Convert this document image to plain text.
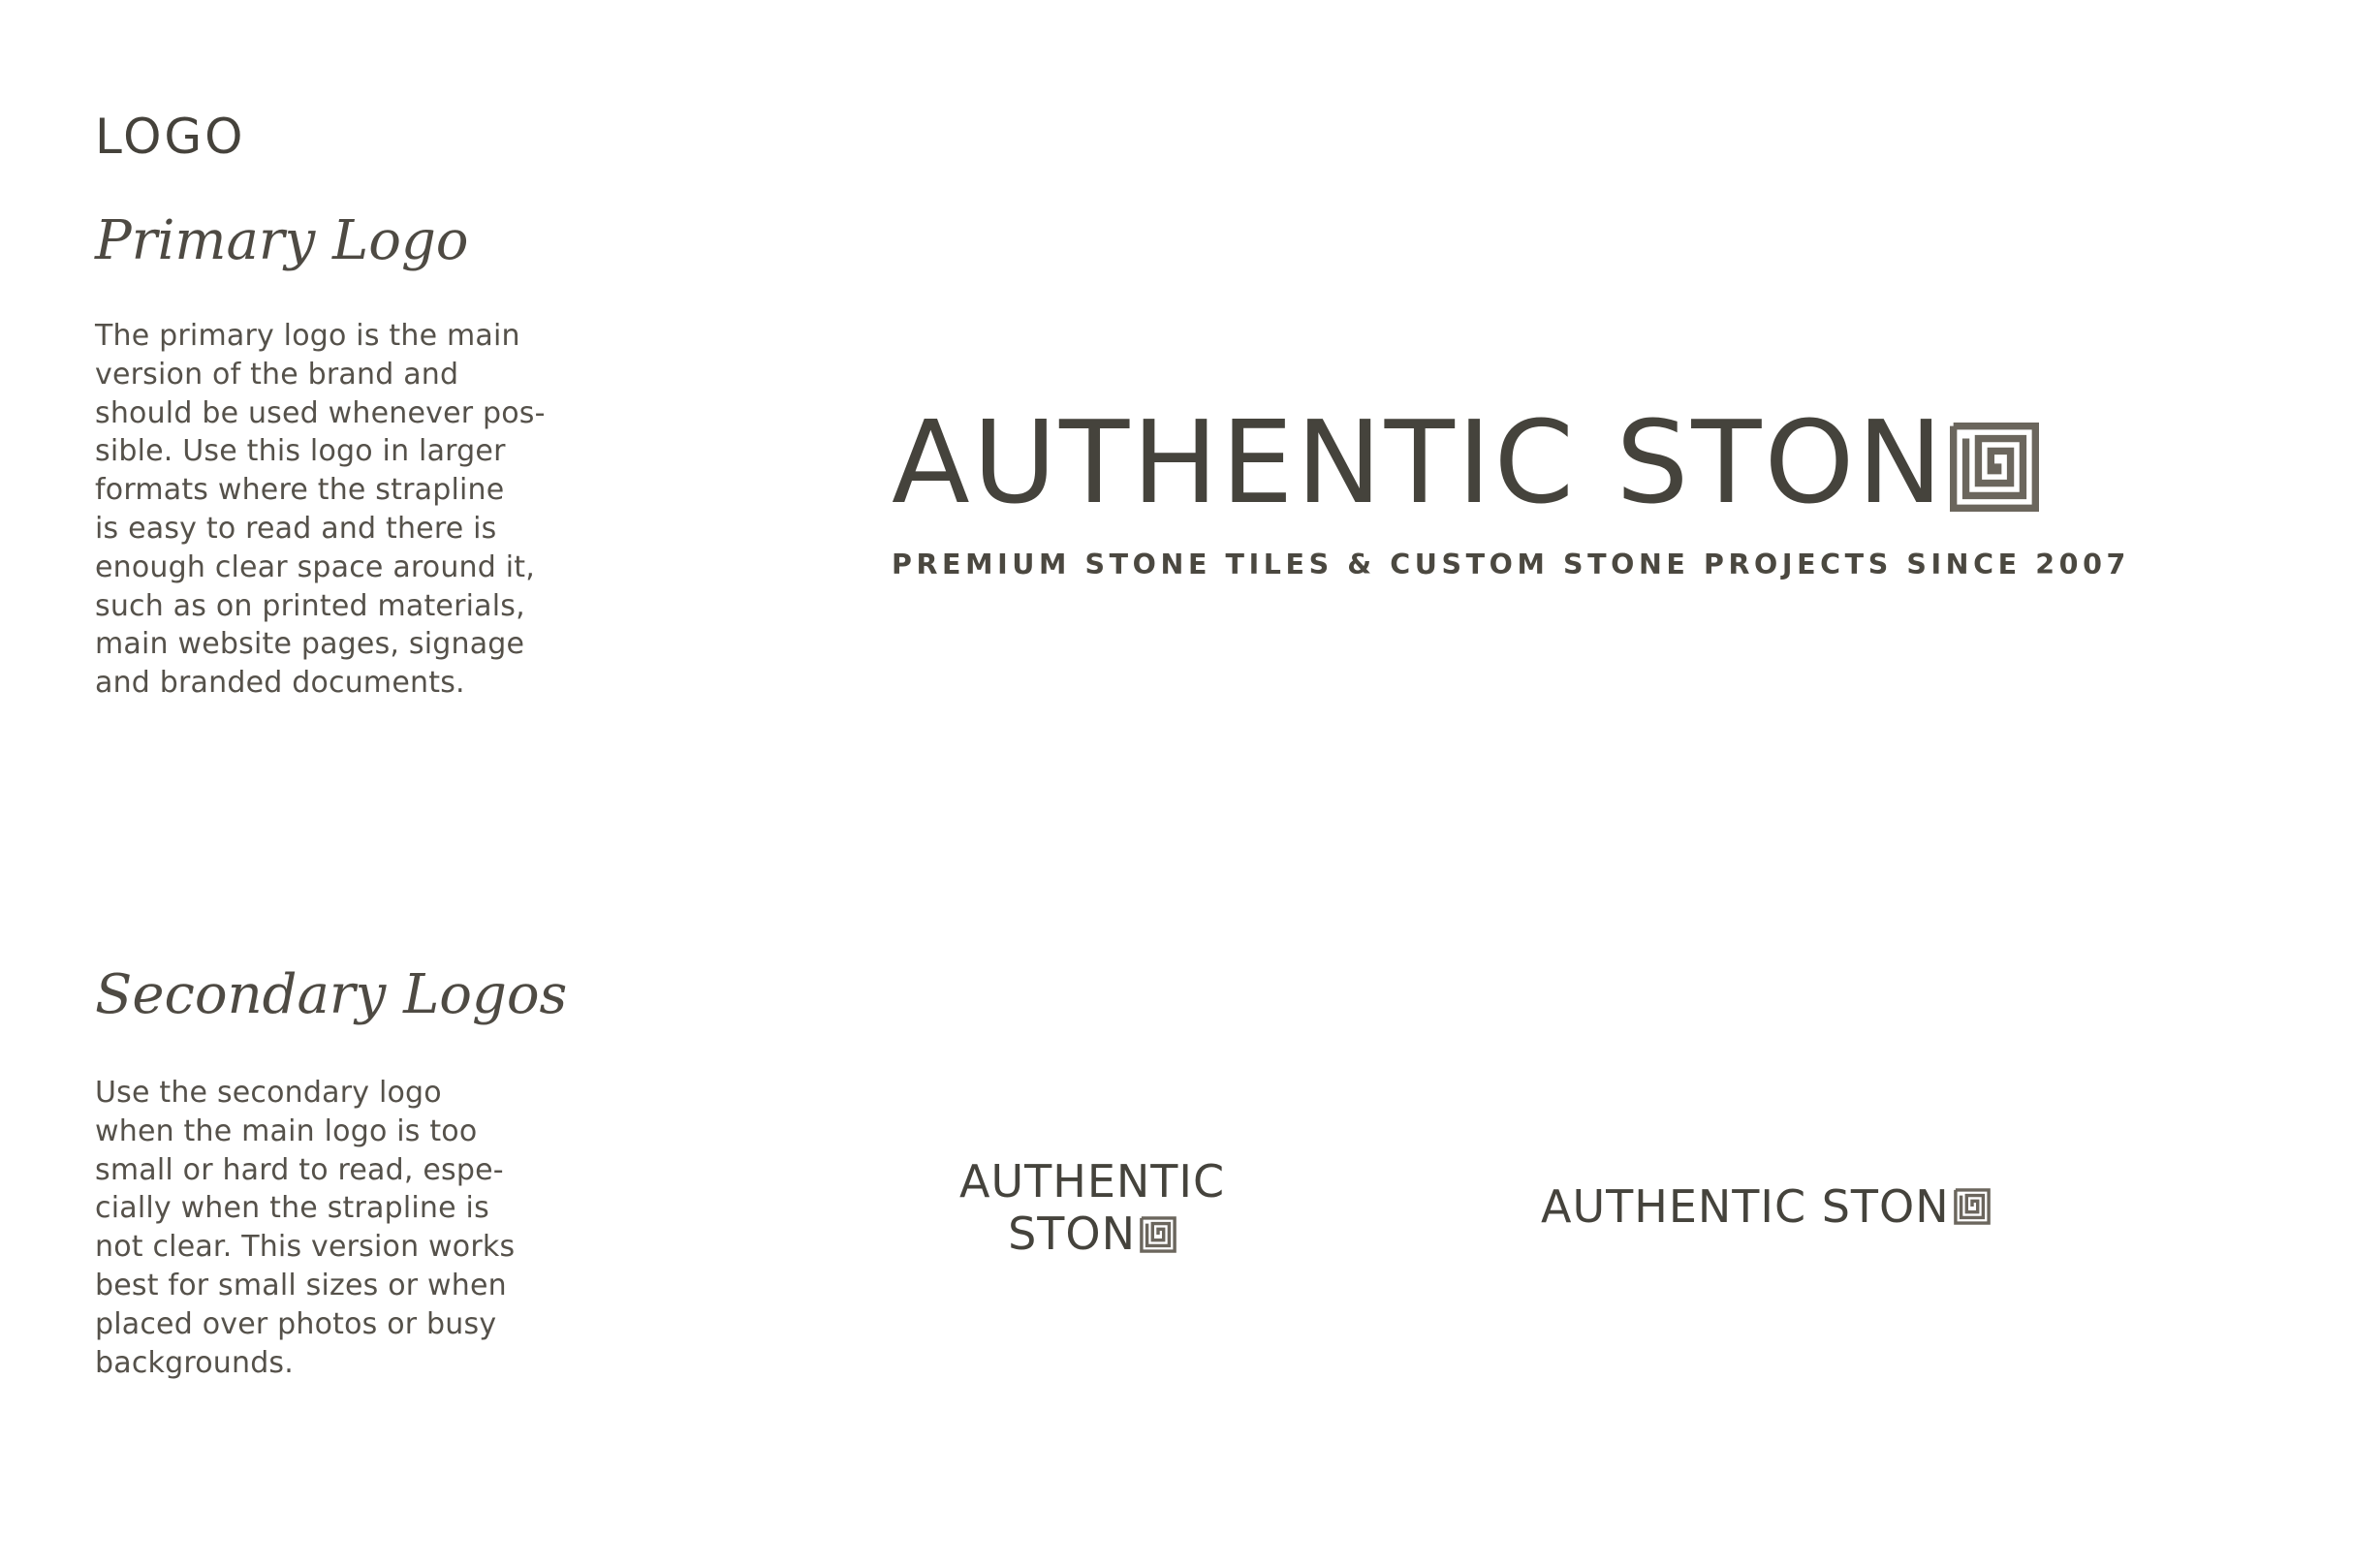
LOGO
Primary Logo

The primary logo is the main
version of the brand and
should be used whenever pos-
sible. Use this logo in larger
formats where the strapline
is easy to read and there is
enough clear space around it,
such as on printed materials,
main website pages, signage
and branded documents.

Secondary Logos

Use the secondary logo
when the main logo is too
small or hard to read, espe-
cially when the strapline is
not clear. This version works
best for small sizes or when
placed over photos or busy
backgrounds.

AUTHENTIC STON
PREMIUM STONE TILES & CUSTOM STONE PROJECTS SINCE 2007
AUTHENTIC
STON
AUTHENTIC STON
